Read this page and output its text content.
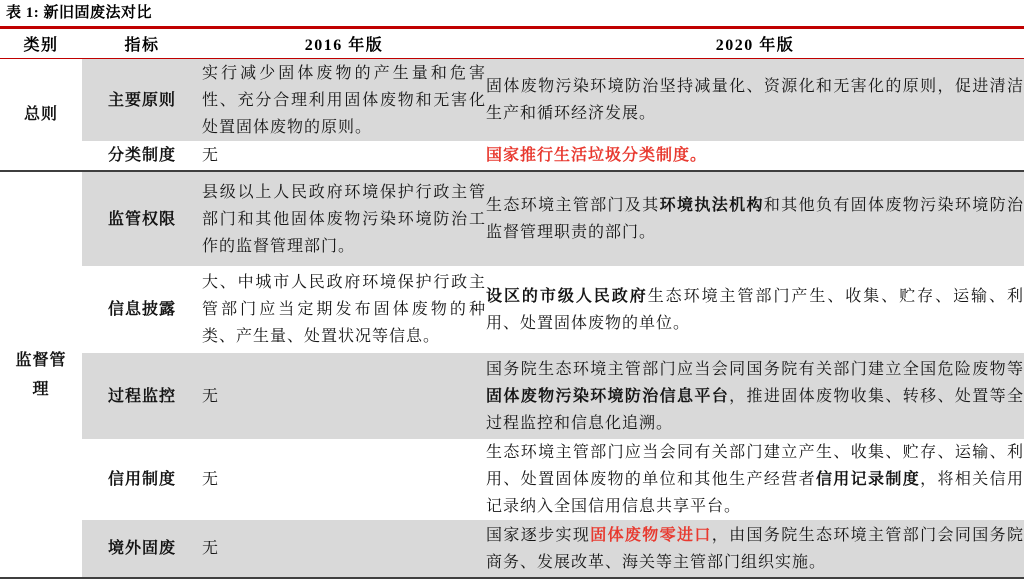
表 1: 新旧固废法对比
类别	指标	2016 年版	2020 年版
总则	主要原则	实行减少固体废物的产生量和危害性、充分合理利用固体废物和无害化处置固体废物的原则。	固体废物污染环境防治坚持减量化、资源化和无害化的原则，促进清洁生产和循环经济发展。
	分类制度	无	国家推行生活垃圾分类制度。
监督管理	监管权限	县级以上人民政府环境保护行政主管部门和其他固体废物污染环境防治工作的监督管理部门。	生态环境主管部门及其环境执法机构和其他负有固体废物污染环境防治监督管理职责的部门。
	信息披露	大、中城市人民政府环境保护行政主管部门应当定期发布固体废物的种类、产生量、处置状况等信息。	设区的市级人民政府生态环境主管部门产生、收集、贮存、运输、利用、处置固体废物的单位。
	过程监控	无	国务院生态环境主管部门应当会同国务院有关部门建立全国危险废物等固体废物污染环境防治信息平台，推进固体废物收集、转移、处置等全过程监控和信息化追溯。
	信用制度	无	生态环境主管部门应当会同有关部门建立产生、收集、贮存、运输、利用、处置固体废物的单位和其他生产经营者信用记录制度，将相关信用记录纳入全国信用信息共享平台。
	境外固废	无	国家逐步实现固体废物零进口，由国务院生态环境主管部门会同国务院商务、发展改革、海关等主管部门组织实施。
